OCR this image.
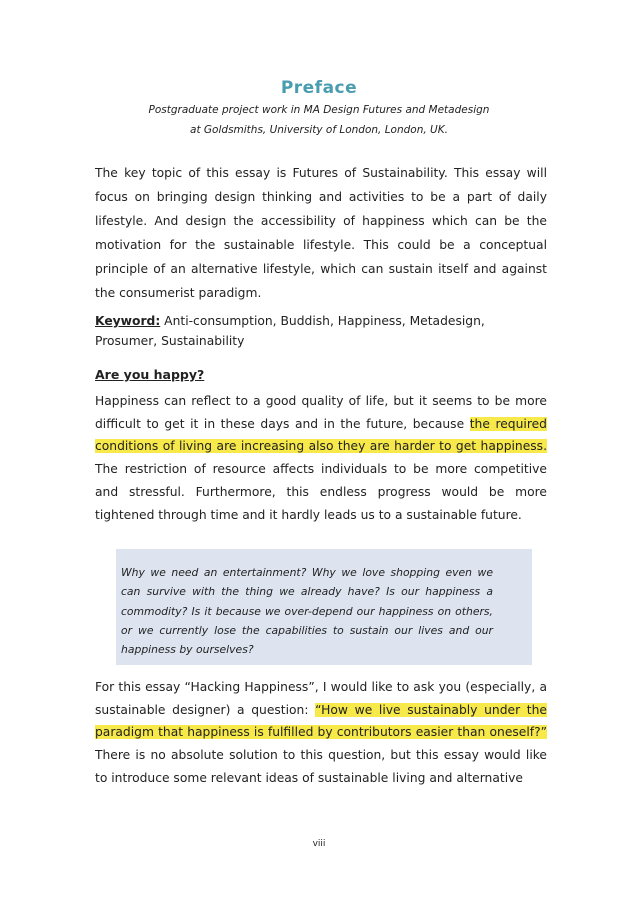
Preface
Postgraduate project work in MA Design Futures and Metadesign
at Goldsmiths, University of London, London, UK.
The key topic of this essay is Futures of Sustainability. This essay will focus on bringing design thinking and activities to be a part of daily lifestyle. And design the accessibility of happiness which can be the motivation for the sustainable lifestyle. This could be a conceptual principle of an alternative lifestyle, which can sustain itself and against the consumerist paradigm.
Keyword: Anti-consumption, Buddish, Happiness, Metadesign, Prosumer, Sustainability
Are you happy?
Happiness can reflect to a good quality of life, but it seems to be more difficult to get it in these days and in the future, because the required conditions of living are increasing also they are harder to get happiness. The restriction of resource affects individuals to be more competitive and stressful. Furthermore, this endless progress would be more tightened through time and it hardly leads us to a sustainable future.
Why we need an entertainment? Why we love shopping even we can survive with the thing we already have? Is our happiness a commodity? Is it because we over-depend our happiness on others, or we currently lose the capabilities to sustain our lives and our happiness by ourselves?
For this essay “Hacking Happiness”, I would like to ask you (especially, a sustainable designer) a question: “How we live sustainably under the paradigm that happiness is fulfilled by contributors easier than oneself?” There is no absolute solution to this question, but this essay would like to introduce some relevant ideas of sustainable living and alternative
viii
